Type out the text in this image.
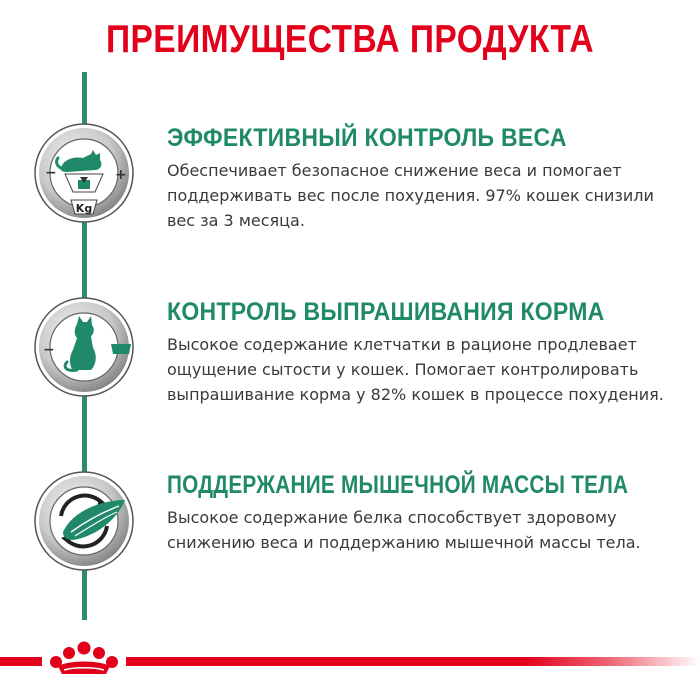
ПРЕИМУЩЕСТВА ПРОДУКТА
−	+
Kg
ЭФФЕКТИВНЫЙ КОНТРОЛЬ ВЕСА
Обеспечивает безопасное снижение веса и помогает поддерживать вес после похудения. 97% кошек снизили вес за 3 месяца.
−
КОНТРОЛЬ ВЫПРАШИВАНИЯ КОРМА
Высокое содержание клетчатки в рационе продлевает ощущение сытости у кошек. Помогает контролировать выпрашивание корма у 82% кошек в процессе похудения.
ПОДДЕРЖАНИЕ МЫШЕЧНОЙ МАССЫ ТЕЛА
Высокое содержание белка способствует здоровому снижению веса и поддержанию мышечной массы тела.
